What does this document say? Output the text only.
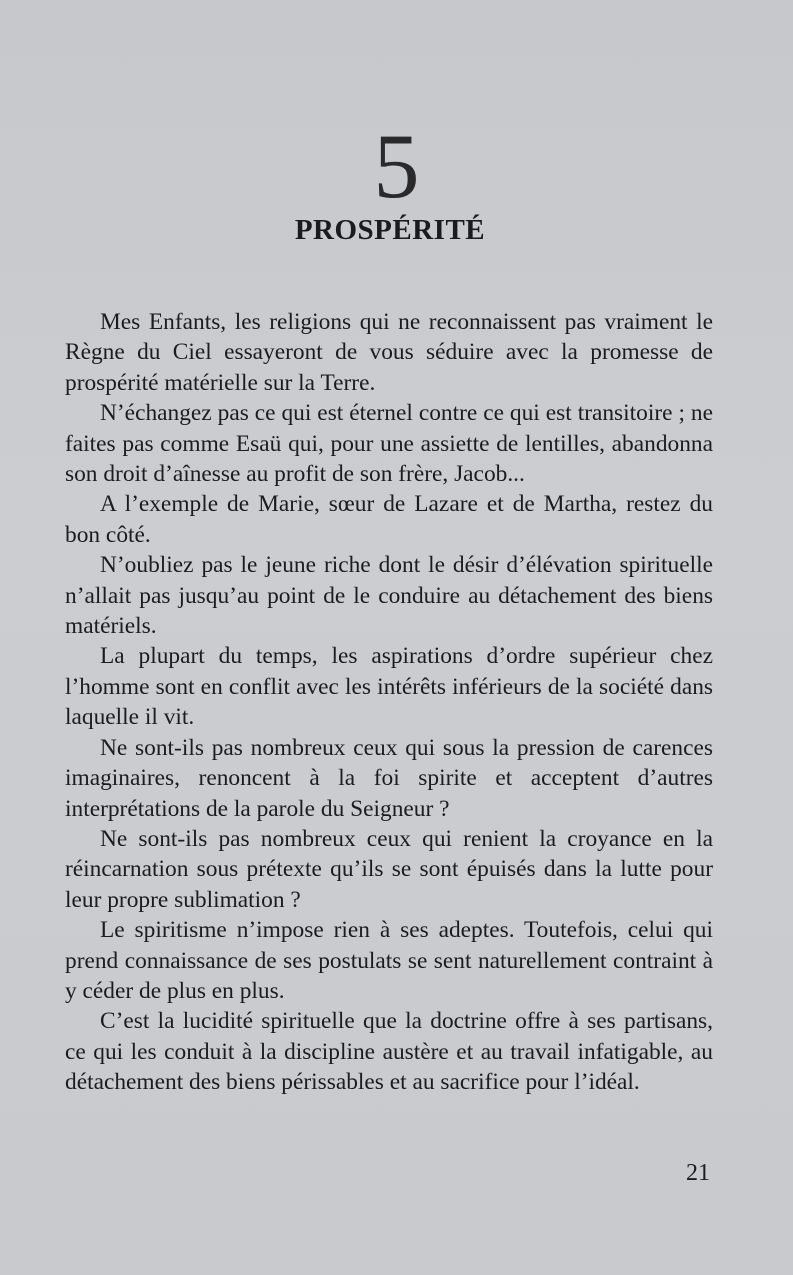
5
PROSPÉRITÉ

Mes Enfants, les religions qui ne reconnaissent pas vraiment le Règne du Ciel essayeront de vous séduire avec la promesse de prospérité matérielle sur la Terre.

N’échangez pas ce qui est éternel contre ce qui est transitoire ; ne faites pas comme Esaü qui, pour une assiette de lentilles, abandonna son droit d’aînesse au profit de son frère, Jacob...

A l’exemple de Marie, sœur de Lazare et de Martha, restez du bon côté.

N’oubliez pas le jeune riche dont le désir d’élévation spirituelle n’allait pas jusqu’au point de le conduire au détachement des biens matériels.

La plupart du temps, les aspirations d’ordre supérieur chez l’homme sont en conflit avec les intérêts inférieurs de la société dans laquelle il vit.

Ne sont-ils pas nombreux ceux qui sous la pression de carences imaginaires, renoncent à la foi spirite et acceptent d’autres interprétations de la parole du Seigneur ?

Ne sont-ils pas nombreux ceux qui renient la croyance en la réincarnation sous prétexte qu’ils se sont épuisés dans la lutte pour leur propre sublimation ?

Le spiritisme n’impose rien à ses adeptes. Toutefois, celui qui prend connaissance de ses postulats se sent naturellement contraint à y céder de plus en plus.

C’est la lucidité spirituelle que la doctrine offre à ses partisans, ce qui les conduit à la discipline austère et au travail infatigable, au détachement des biens périssables et au sacrifice pour l’idéal.

21
